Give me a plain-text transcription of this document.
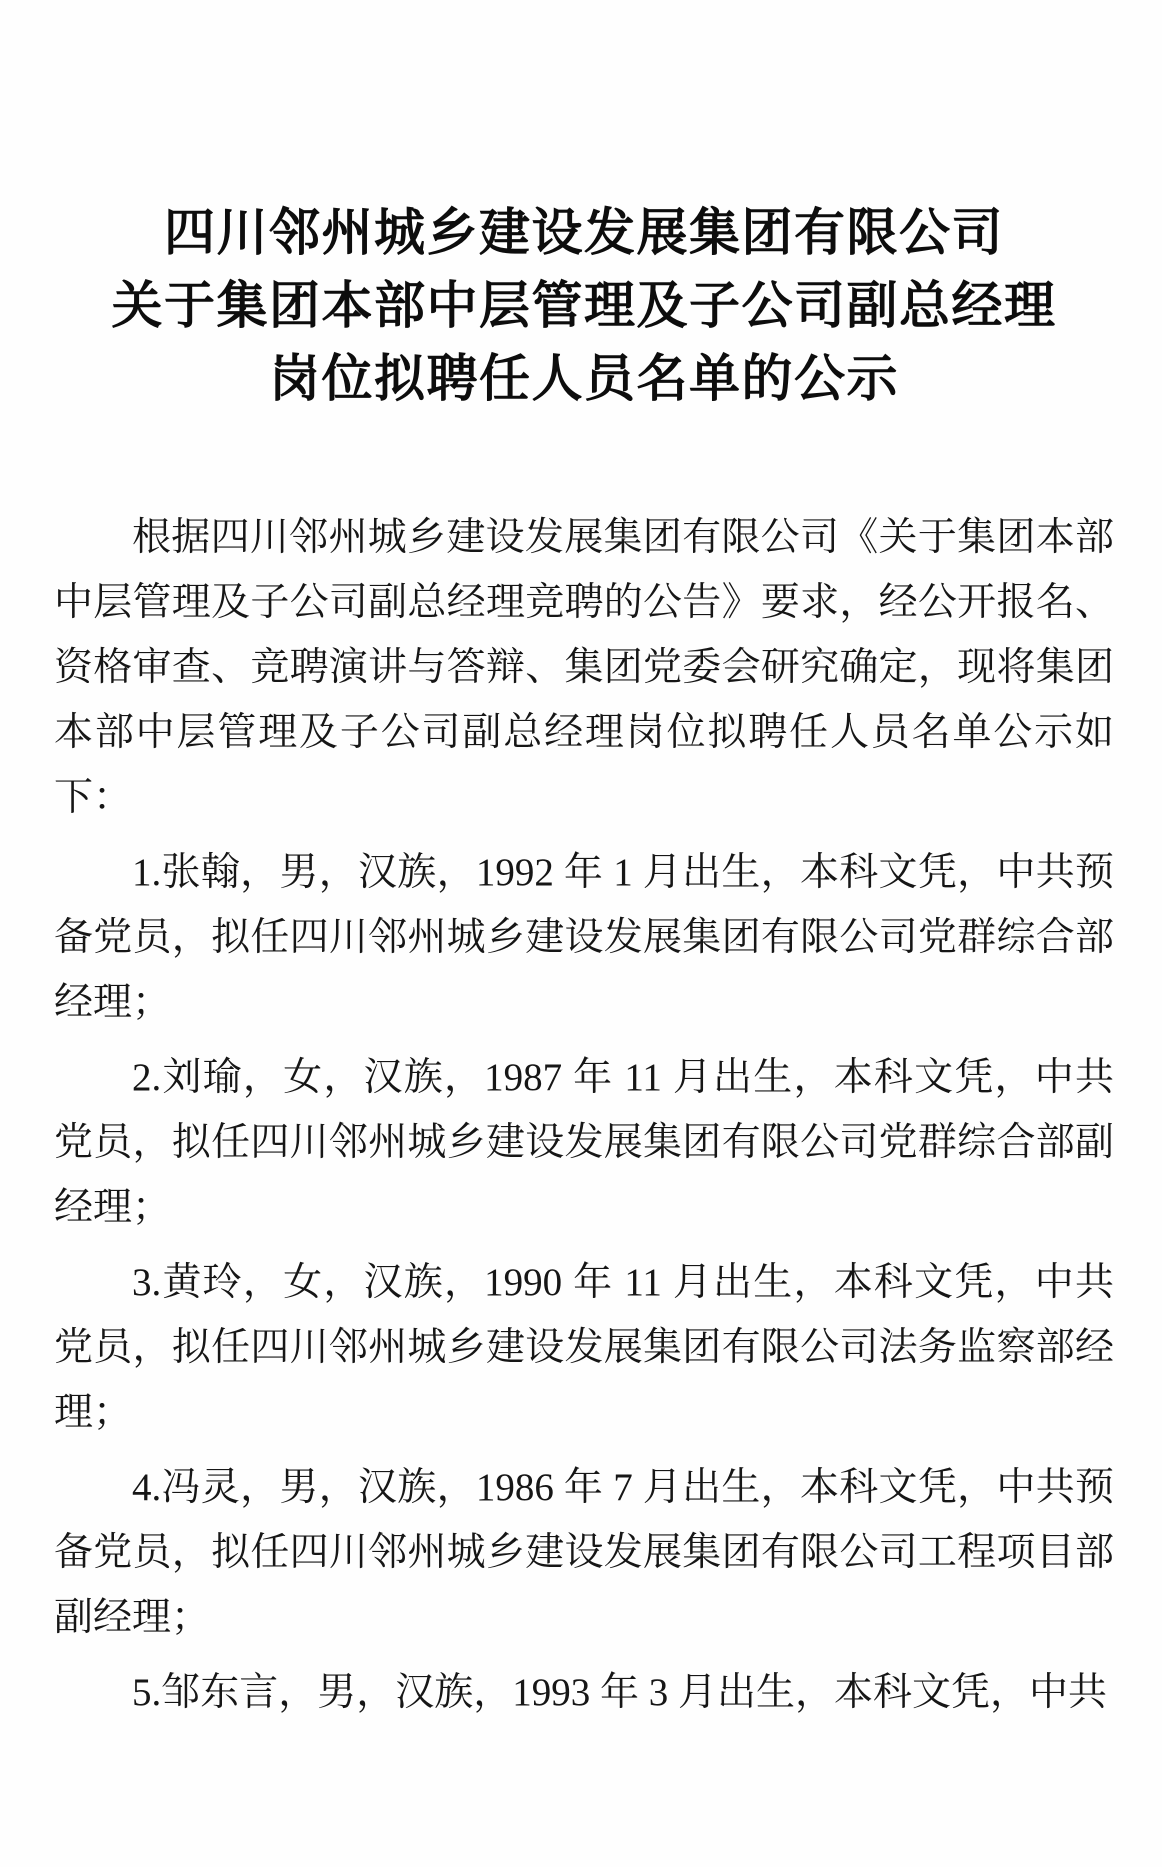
四川邻州城乡建设发展集团有限公司
关于集团本部中层管理及子公司副总经理
岗位拟聘任人员名单的公示

根据四川邻州城乡建设发展集团有限公司《关于集团本部中层管理及子公司副总经理竞聘的公告》要求，经公开报名、资格审查、竞聘演讲与答辩、集团党委会研究确定，现将集团本部中层管理及子公司副总经理岗位拟聘任人员名单公示如下：

1.张翰，男，汉族，1992 年 1 月出生，本科文凭，中共预备党员，拟任四川邻州城乡建设发展集团有限公司党群综合部经理；

2.刘瑜，女，汉族，1987 年 11 月出生，本科文凭，中共党员，拟任四川邻州城乡建设发展集团有限公司党群综合部副经理；

3.黄玲，女，汉族，1990 年 11 月出生，本科文凭，中共党员，拟任四川邻州城乡建设发展集团有限公司法务监察部经理；

4.冯灵，男，汉族，1986 年 7 月出生，本科文凭，中共预备党员，拟任四川邻州城乡建设发展集团有限公司工程项目部副经理；

5.邹东言，男，汉族，1993 年 3 月出生，本科文凭，中共
